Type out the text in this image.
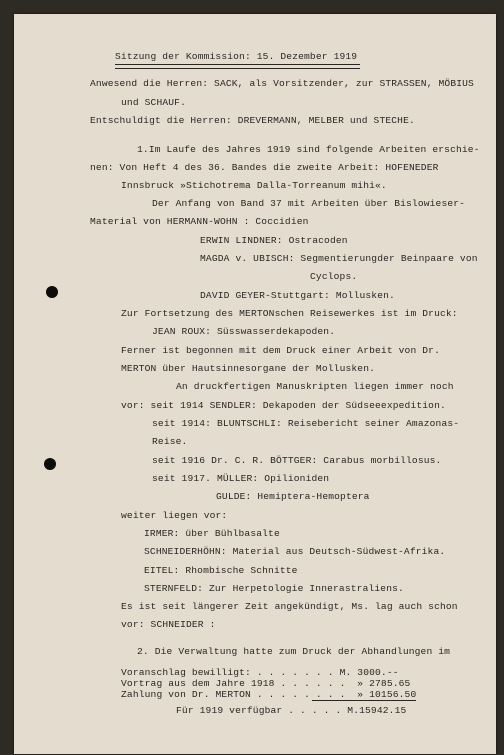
Sitzung der Kommission: 15. Dezember 1919
Anwesend die Herren: SACK, als Vorsitzender, zur STRASSEN, MÖBIUS
und SCHAUF.
Entschuldigt die Herren: DREVERMANN, MELBER und STECHE.
1.Im Laufe des Jahres 1919 sind folgende Arbeiten erschie-
nen: Von Heft 4 des 36. Bandes die zweite Arbeit: HOFENEDER
Innsbruck »Stichotrema Dalla-Torreanum mihi«.
Der Anfang von Band 37 mit Arbeiten über Bislowieser-
Material von HERMANN-WOHN : Coccidien
ERWIN LINDNER: Ostracoden
MAGDA v. UBISCH: Segmentierungder Beinpaare von
Cyclops.
DAVID GEYER-Stuttgart: Mollusken.
Zur Fortsetzung des MERTONschen Reisewerkes ist im Druck:
JEAN ROUX: Süsswasserdekapoden.
Ferner ist begonnen mit dem Druck einer Arbeit von Dr.
MERTON über Hautsinnesorgane der Mollusken.
An druckfertigen Manuskripten liegen immer noch
vor: seit 1914 SENDLER: Dekapoden der Südseeexpedition.
seit 1914: BLUNTSCHLI: Reisebericht seiner Amazonas-
Reise.
seit 1916 Dr. C. R. BÖTTGER: Carabus morbillosus.
seit 1917. MÜLLER: Opilioniden
GULDE: Hemiptera-Hemoptera
weiter liegen vor:
IRMER: über Bühlbasalte
SCHNEIDERHÖHN: Material aus Deutsch-Südwest-Afrika.
EITEL: Rhombische Schnitte
STERNFELD: Zur Herpetologie Innerastraliens.
Es ist seit längerer Zeit angekündigt, Ms. lag auch schon
vor: SCHNEIDER :
2. Die Verwaltung hatte zum Druck der Abhandlungen im
Voranschlag bewilligt: . . . . . . . M. 3000.--
Vortrag aus dem Jahre 1918 . . . . . .  » 2785.65
Zahlung von Dr. MERTON . . . . . . . .  » 10156.50
Für 1919 verfügbar . . . . . M.15942.15
